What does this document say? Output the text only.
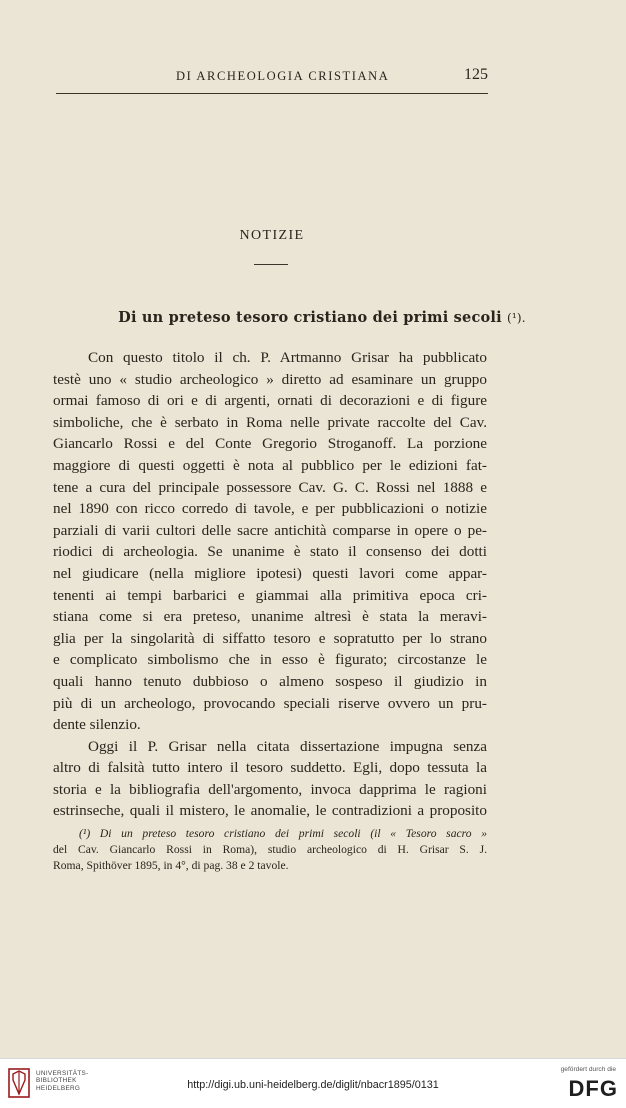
DI ARCHEOLOGIA CRISTIANA	125
NOTIZIE
Di un preteso tesoro cristiano dei primi secoli (¹).
Con questo titolo il ch. P. Artmanno Grisar ha pubblicato
testè uno « studio archeologico » diretto ad esaminare un gruppo
ormai famoso di ori e di argenti, ornati di decorazioni e di figure
simboliche, che è serbato in Roma nelle private raccolte del Cav.
Giancarlo Rossi e del Conte Gregorio Stroganoff. La porzione
maggiore di questi oggetti è nota al pubblico per le edizioni fat-
tene a cura del principale possessore Cav. G. C. Rossi nel 1888 e
nel 1890 con ricco corredo di tavole, e per pubblicazioni o notizie
parziali di varii cultori delle sacre antichità comparse in opere o pe-
riodici di archeologia. Se unanime è stato il consenso dei dotti
nel giudicare (nella migliore ipotesi) questi lavori come appar-
tenenti ai tempi barbarici e giammai alla primitiva epoca cri-
stiana come si era preteso, unanime altresì è stata la meravi-
glia per la singolarità di siffatto tesoro e sopratutto per lo strano
e complicato simbolismo che in esso è figurato; circostanze le
quali hanno tenuto dubbioso o almeno sospeso il giudizio in
più di un archeologo, provocando speciali riserve ovvero un pru-
dente silenzio.
Oggi il P. Grisar nella citata dissertazione impugna senza
altro di falsità tutto intero il tesoro suddetto. Egli, dopo tessuta la
storia e la bibliografia dell'argomento, invoca dapprima le ragioni
estrinseche, quali il mistero, le anomalie, le contradizioni a proposito
(¹) Di un preteso tesoro cristiano dei primi secoli (il « Tesoro sacro »
del Cav. Giancarlo Rossi in Roma), studio archeologico di H. Grisar S. J.
Roma, Spithöver 1895, in 4°, di pag. 38 e 2 tavole.
UNIVERSITÄTS-
BIBLIOTHEK
HEIDELBERG	http://digi.ub.uni-heidelberg.de/diglit/nbacr1895/0131
gefördert durch die
DFG
